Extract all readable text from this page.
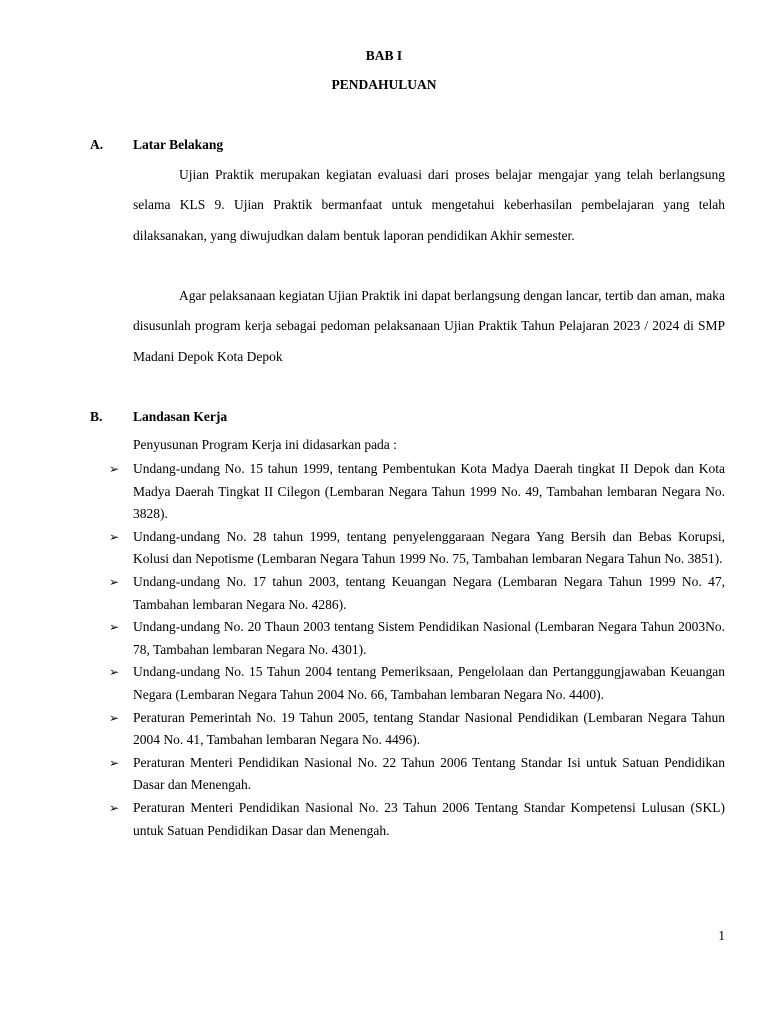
BAB I
PENDAHULUAN
A. Latar Belakang
Ujian Praktik merupakan kegiatan evaluasi dari proses belajar mengajar yang telah berlangsung selama KLS 9. Ujian Praktik bermanfaat untuk mengetahui keberhasilan pembelajaran yang telah dilaksanakan, yang diwujudkan dalam bentuk laporan pendidikan Akhir semester.
Agar pelaksanaan kegiatan Ujian Praktik ini dapat berlangsung dengan lancar, tertib dan aman, maka disusunlah program kerja sebagai pedoman pelaksanaan Ujian Praktik Tahun Pelajaran 2023 / 2024 di SMP Madani Depok Kota Depok
B. Landasan Kerja
Penyusunan Program Kerja ini didasarkan pada :
➢ Undang-undang No. 15 tahun 1999, tentang Pembentukan Kota Madya Daerah tingkat II Depok dan Kota Madya Daerah Tingkat II Cilegon (Lembaran Negara Tahun 1999 No. 49, Tambahan lembaran Negara No. 3828).
➢ Undang-undang No. 28 tahun 1999, tentang penyelenggaraan Negara Yang Bersih dan Bebas Korupsi, Kolusi dan Nepotisme (Lembaran Negara Tahun 1999 No. 75, Tambahan lembaran Negara Tahun No. 3851).
➢ Undang-undang No. 17 tahun 2003, tentang Keuangan Negara (Lembaran Negara Tahun 1999 No. 47, Tambahan lembaran Negara No. 4286).
➢ Undang-undang No. 20 Thaun 2003 tentang Sistem Pendidikan Nasional (Lembaran Negara Tahun 2003No. 78, Tambahan lembaran Negara No. 4301).
➢ Undang-undang No. 15 Tahun 2004 tentang Pemeriksaan, Pengelolaan dan Pertanggungjawaban Keuangan Negara (Lembaran Negara Tahun 2004 No. 66, Tambahan lembaran Negara No. 4400).
➢ Peraturan Pemerintah No. 19 Tahun 2005, tentang Standar Nasional Pendidikan (Lembaran Negara Tahun 2004 No. 41, Tambahan lembaran Negara No. 4496).
➢ Peraturan Menteri Pendidikan Nasional No. 22 Tahun 2006 Tentang Standar Isi untuk Satuan Pendidikan Dasar dan Menengah.
➢ Peraturan Menteri Pendidikan Nasional No. 23 Tahun 2006 Tentang Standar Kompetensi Lulusan (SKL) untuk Satuan Pendidikan Dasar dan Menengah.
1
